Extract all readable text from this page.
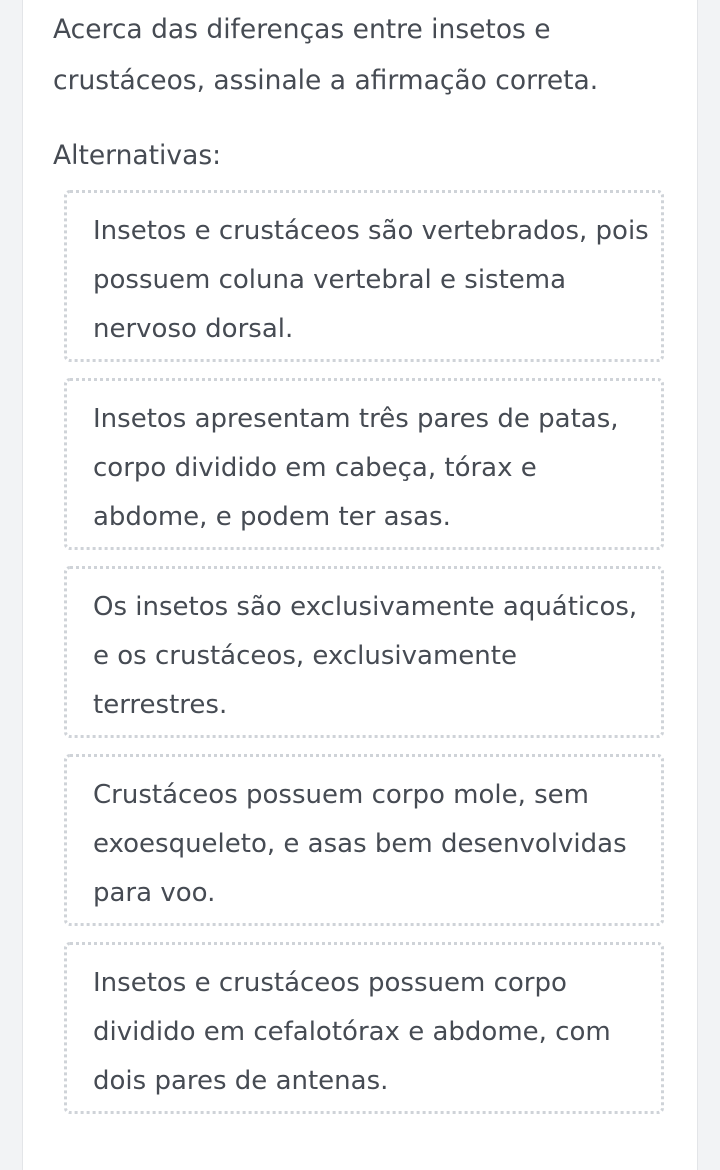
Acerca das diferenças entre insetos e crustáceos, assinale a afirmação correta.

Alternativas:

Insetos e crustáceos são vertebrados, pois possuem coluna vertebral e sistema nervoso dorsal.
Insetos apresentam três pares de patas, corpo dividido em cabeça, tórax e abdome, e podem ter asas.
Os insetos são exclusivamente aquáticos, e os crustáceos, exclusivamente terrestres.
Crustáceos possuem corpo mole, sem exoesqueleto, e asas bem desenvolvidas para voo.
Insetos e crustáceos possuem corpo dividido em cefalotórax e abdome, com dois pares de antenas.
